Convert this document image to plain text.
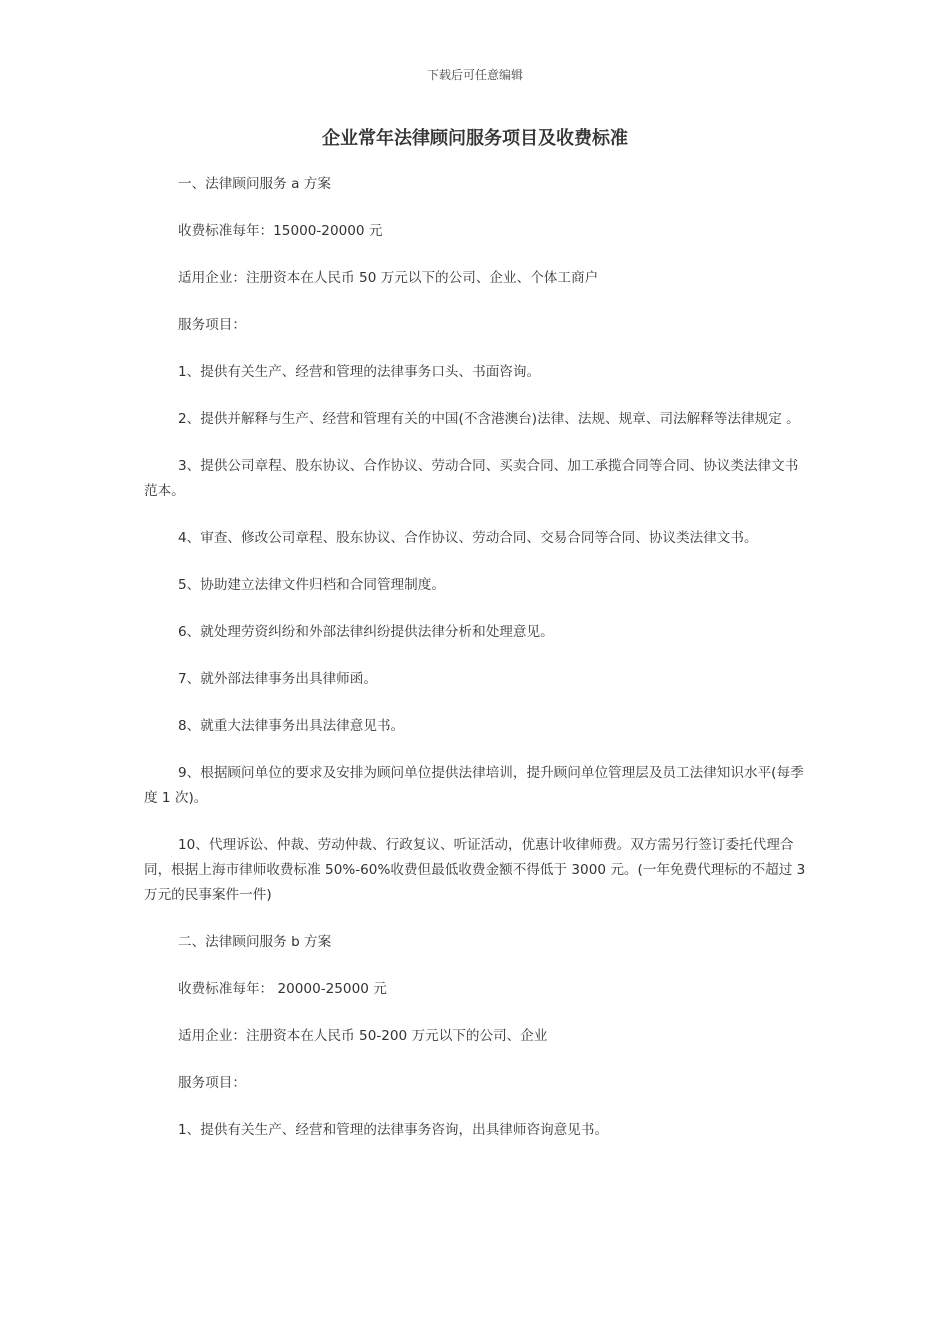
下载后可任意编辑
企业常年法律顾问服务项目及收费标准

一、法律顾问服务 a 方案

收费标准每年：15000-20000 元

适用企业：注册资本在人民币 50 万元以下的公司、企业、个体工商户

服务项目：

1、提供有关生产、经营和管理的法律事务口头、书面咨询。

2、提供并解释与生产、经营和管理有关的中国(不含港澳台)法律、法规、规章、司法解释等法律规定 。

3、提供公司章程、股东协议、合作协议、劳动合同、买卖合同、加工承揽合同等合同、协议类法律文书范本。

4、审查、修改公司章程、股东协议、合作协议、劳动合同、交易合同等合同、协议类法律文书。

5、协助建立法律文件归档和合同管理制度。

6、就处理劳资纠纷和外部法律纠纷提供法律分析和处理意见。

7、就外部法律事务出具律师函。

8、就重大法律事务出具法律意见书。

9、根据顾问单位的要求及安排为顾问单位提供法律培训，提升顾问单位管理层及员工法律知识水平(每季度 1 次)。

10、代理诉讼、仲裁、劳动仲裁、行政复议、听证活动，优惠计收律师费。双方需另行签订委托代理合同，根据上海市律师收费标准 50%-60%收费但最低收费金额不得低于 3000 元。(一年免费代理标的不超过 3 万元的民事案件一件)

二、法律顾问服务 b 方案

收费标准每年： 20000-25000 元

适用企业：注册资本在人民币 50-200 万元以下的公司、企业

服务项目：

1、提供有关生产、经营和管理的法律事务咨询，出具律师咨询意见书。
